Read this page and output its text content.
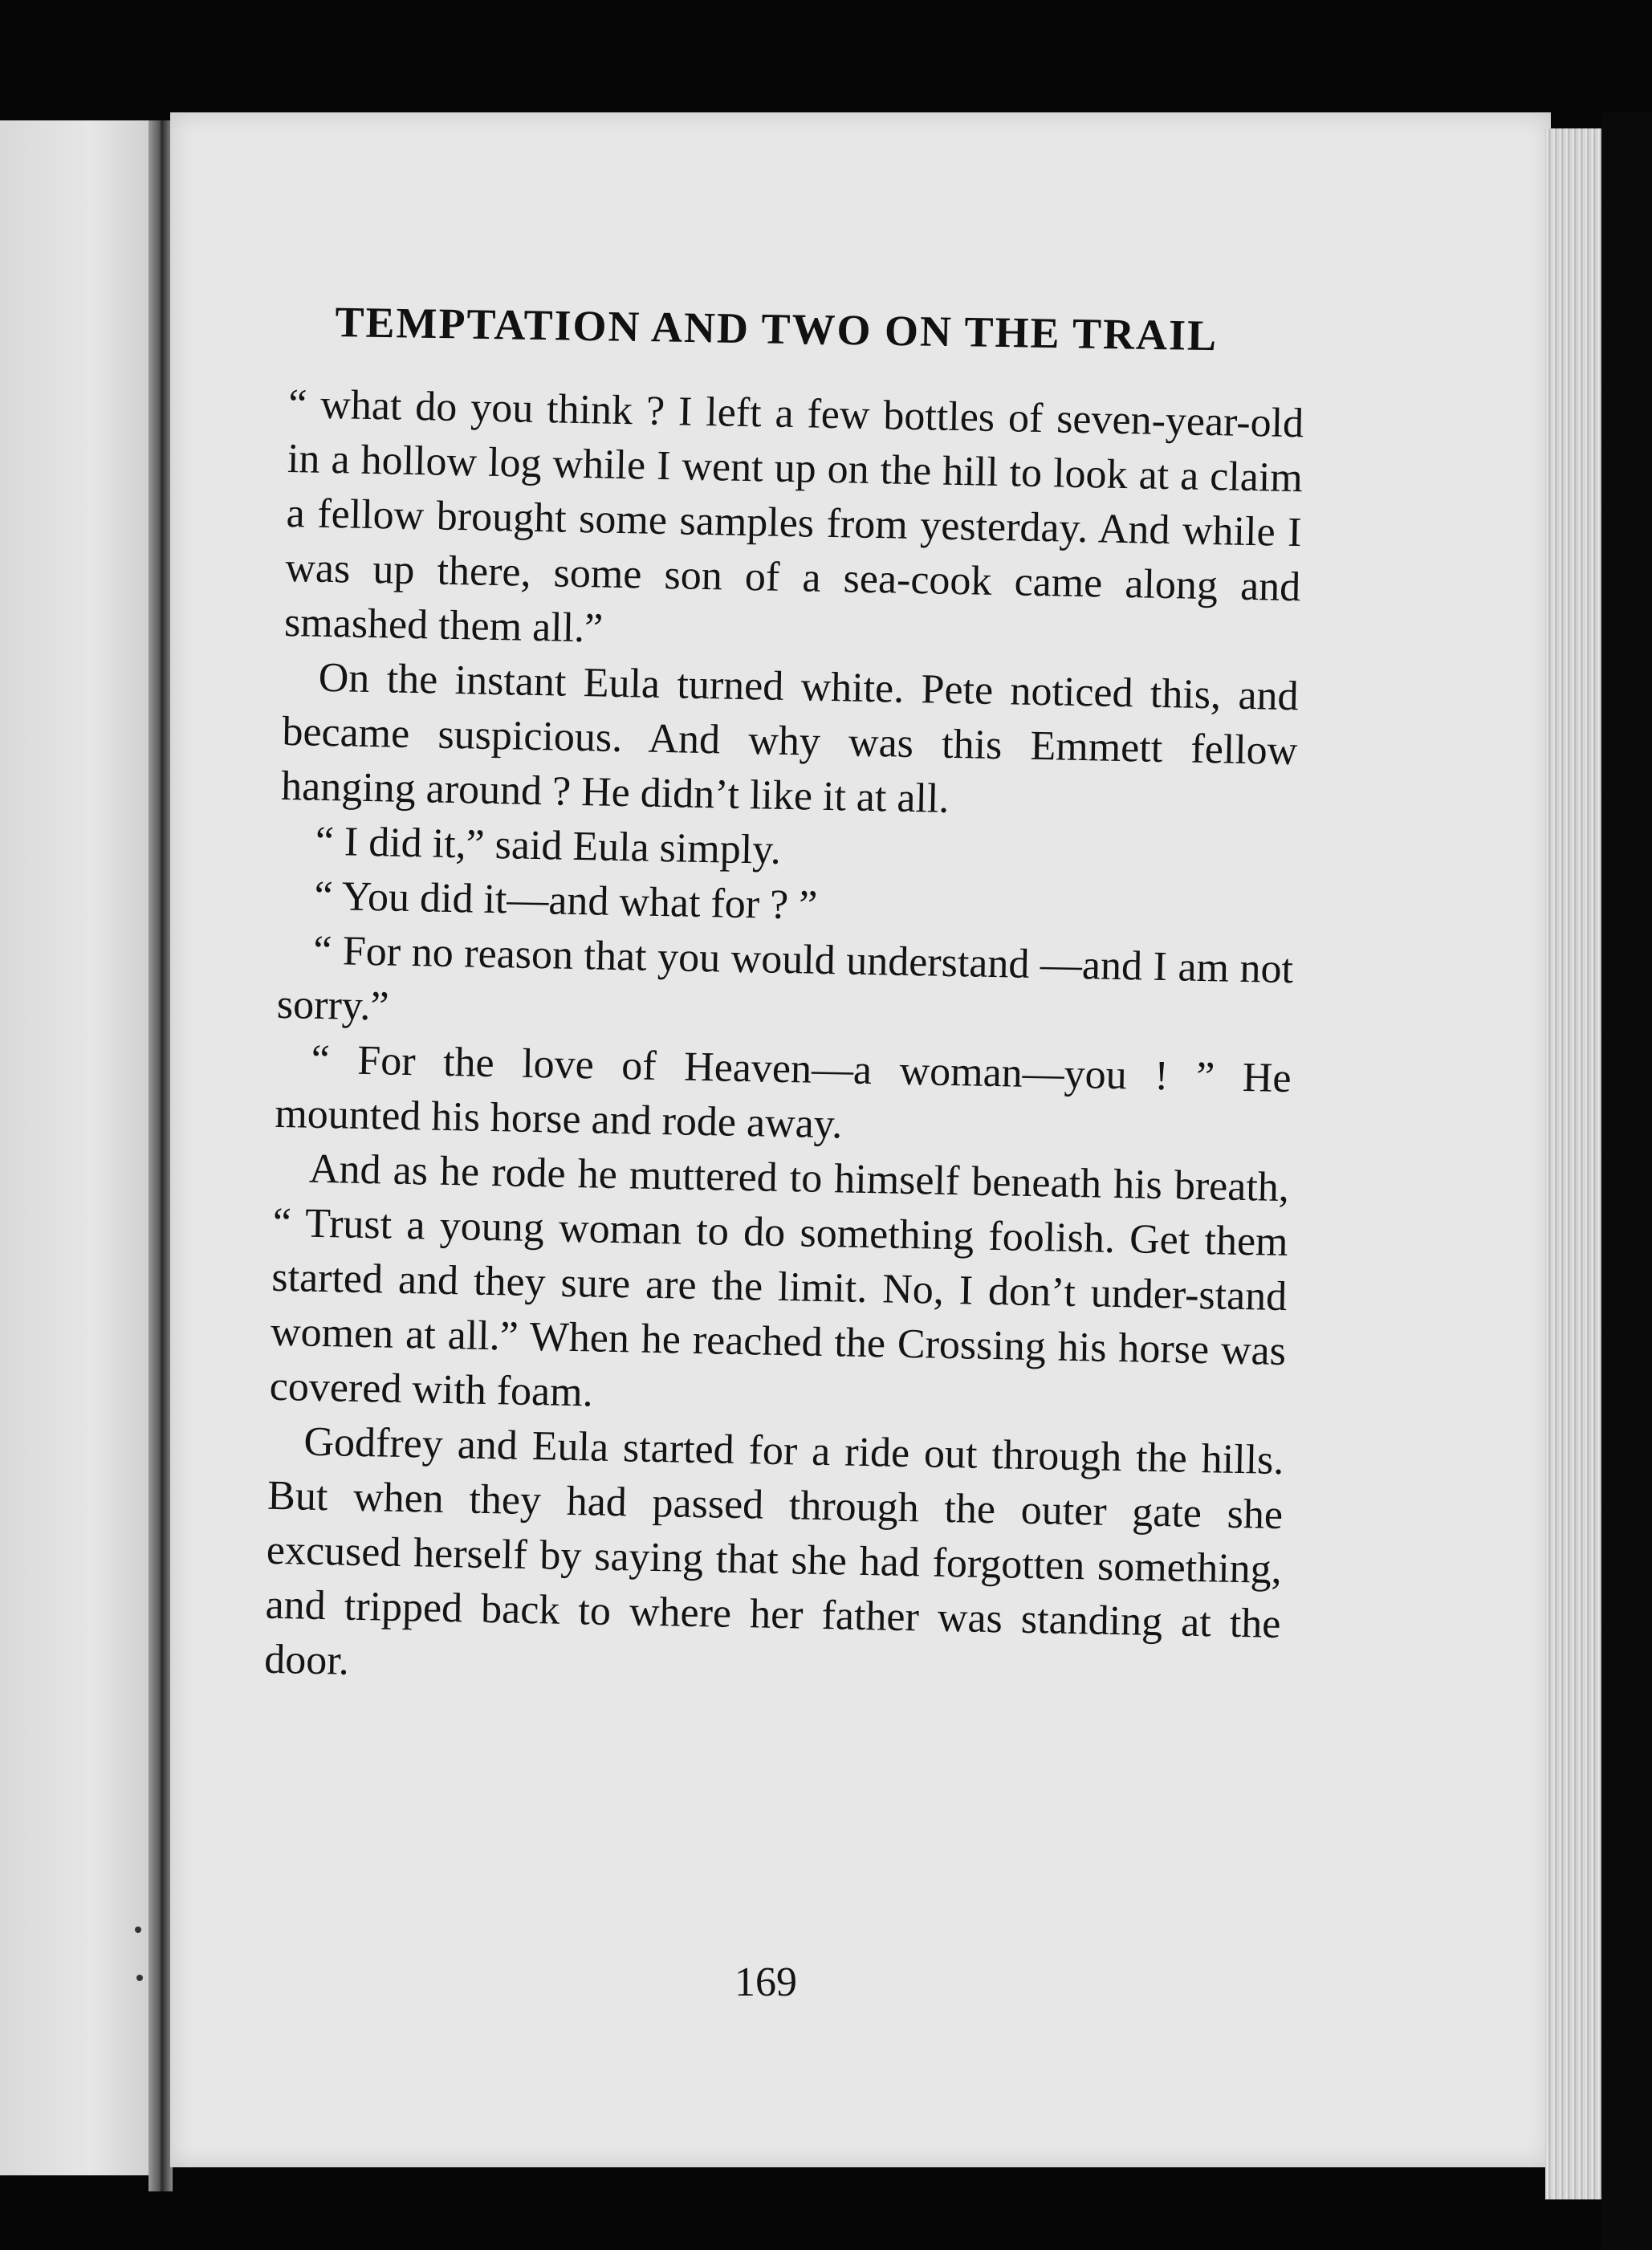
TEMPTATION AND TWO ON THE TRAIL

“ what do you think ? I left a few bottles of seven-year-old in a hollow log while I went up on the hill to look at a claim a fellow brought some samples from yesterday. And while I was up there, some son of a sea-cook came along and smashed them all.”

On the instant Eula turned white. Pete noticed this, and became suspicious. And why was this Emmett fellow hanging around ? He didn’t like it at all.

“ I did it,” said Eula simply.

“ You did it—and what for ? ”

“ For no reason that you would understand —and I am not sorry.”

“ For the love of Heaven—a woman—you ! ” He mounted his horse and rode away.

And as he rode he muttered to himself beneath his breath, “ Trust a young woman to do something foolish. Get them started and they sure are the limit. No, I don’t under-stand women at all.” When he reached the Crossing his horse was covered with foam.

Godfrey and Eula started for a ride out through the hills. But when they had passed through the outer gate she excused herself by saying that she had forgotten something, and tripped back to where her father was standing at the door.

169
